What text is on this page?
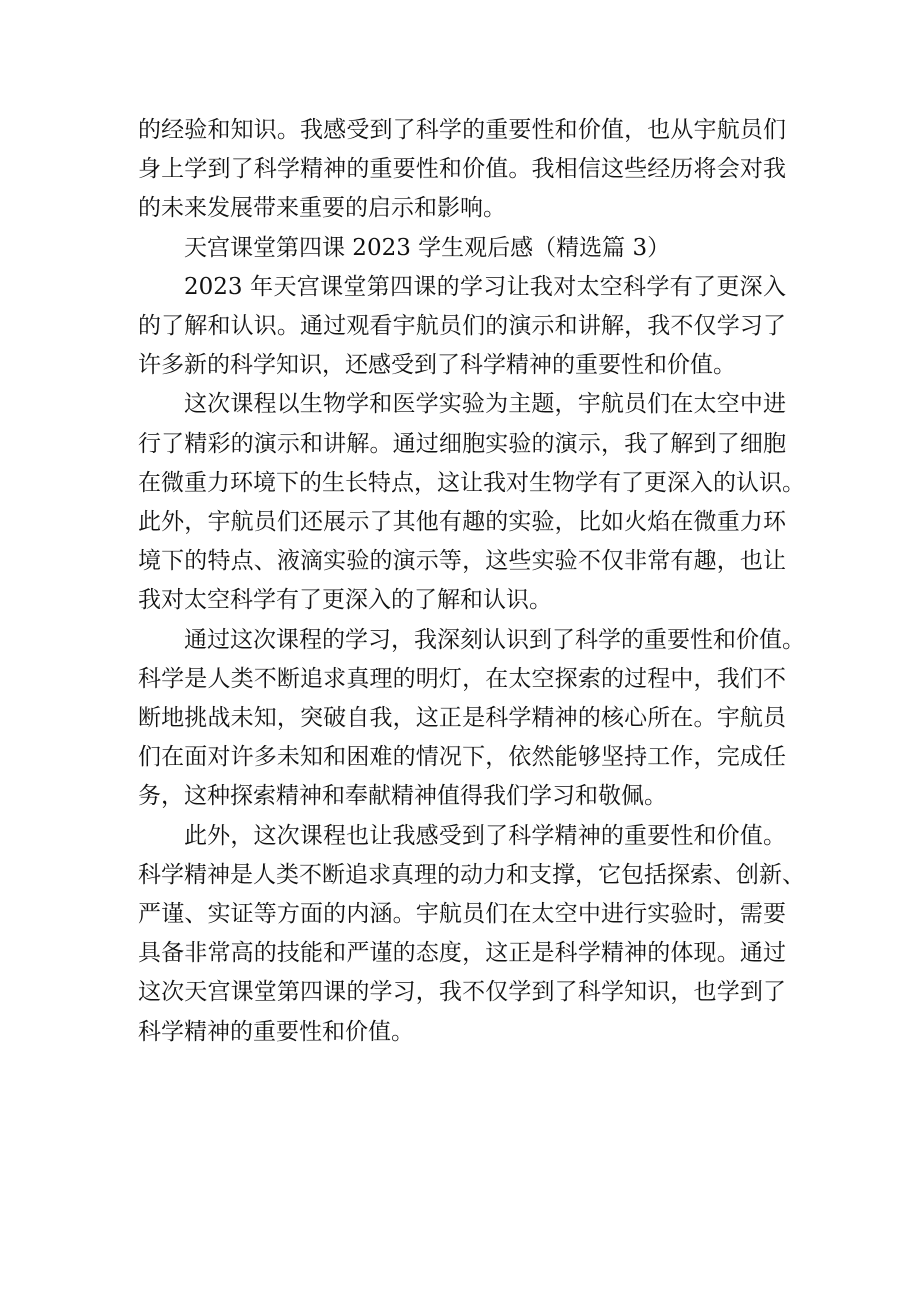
的经验和知识。我感受到了科学的重要性和价值，也从宇航员们
身上学到了科学精神的重要性和价值。我相信这些经历将会对我
的未来发展带来重要的启示和影响。

天宫课堂第四课 2023 学生观后感（精选篇 3）

2023 年天宫课堂第四课的学习让我对太空科学有了更深入
的了解和认识。通过观看宇航员们的演示和讲解，我不仅学习了
许多新的科学知识，还感受到了科学精神的重要性和价值。

这次课程以生物学和医学实验为主题，宇航员们在太空中进
行了精彩的演示和讲解。通过细胞实验的演示，我了解到了细胞
在微重力环境下的生长特点，这让我对生物学有了更深入的认识。
此外，宇航员们还展示了其他有趣的实验，比如火焰在微重力环
境下的特点、液滴实验的演示等，这些实验不仅非常有趣，也让
我对太空科学有了更深入的了解和认识。

通过这次课程的学习，我深刻认识到了科学的重要性和价值。
科学是人类不断追求真理的明灯，在太空探索的过程中，我们不
断地挑战未知，突破自我，这正是科学精神的核心所在。宇航员
们在面对许多未知和困难的情况下，依然能够坚持工作，完成任
务，这种探索精神和奉献精神值得我们学习和敬佩。

此外，这次课程也让我感受到了科学精神的重要性和价值。
科学精神是人类不断追求真理的动力和支撑，它包括探索、创新、
严谨、实证等方面的内涵。宇航员们在太空中进行实验时，需要
具备非常高的技能和严谨的态度，这正是科学精神的体现。通过
这次天宫课堂第四课的学习，我不仅学到了科学知识，也学到了
科学精神的重要性和价值。
